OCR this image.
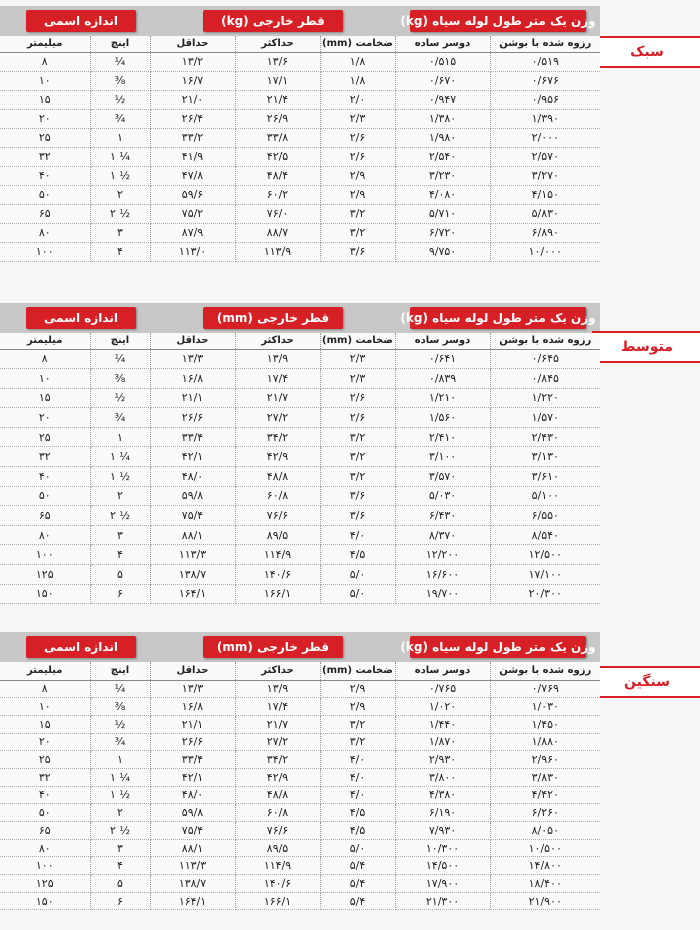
اندازه اسمی	قطر خارجی

(kg)	وزن یک متر طول لوله سیاه

(kg)
سبک
میلیمتر	اینچ	حداقل	حداکثر	ضخامت (mm)	دوسر ساده	رزوه شده با بوشن
۸	¼	۱۳/۲	۱۳/۶	۱/۸	۰/۵۱۵	۰/۵۱۹
۱۰	⅜	۱۶/۷	۱۷/۱	۱/۸	۰/۶۷۰	۰/۶۷۶
۱۵	½	۲۱/۰	۲۱/۴	۲/۰	۰/۹۴۷	۰/۹۵۶
۲۰	¾	۲۶/۴	۲۶/۹	۲/۳	۱/۳۸۰	۱/۳۹۰
۲۵	۱	۳۳/۲	۳۳/۸	۲/۶	۱/۹۸۰	۲/۰۰۰
۳۲	۱ ¼	۴۱/۹	۴۲/۵	۲/۶	۲/۵۴۰	۲/۵۷۰
۴۰	۱ ½	۴۷/۸	۴۸/۴	۲/۹	۳/۲۳۰	۳/۲۷۰
۵۰	۲	۵۹/۶	۶۰/۲	۲/۹	۴/۰۸۰	۴/۱۵۰
۶۵	۲ ½	۷۵/۲	۷۶/۰	۳/۲	۵/۷۱۰	۵/۸۳۰
۸۰	۳	۸۷/۹	۸۸/۷	۳/۲	۶/۷۲۰	۶/۸۹۰
۱۰۰	۴	۱۱۳/۰	۱۱۳/۹	۳/۶	۹/۷۵۰	۱۰/۰۰۰
اندازه اسمی	قطر خارجی

(mm)	وزن یک متر طول لوله سیاه

(kg)
متوسط
میلیمتر	اینچ	حداقل	حداکثر	ضخامت (mm)	دوسر ساده	رزوه شده با بوشن
۸	¼	۱۳/۳	۱۳/۹	۲/۳	۰/۶۴۱	۰/۶۴۵
۱۰	⅜	۱۶/۸	۱۷/۴	۲/۳	۰/۸۳۹	۰/۸۴۵
۱۵	½	۲۱/۱	۲۱/۷	۲/۶	۱/۲۱۰	۱/۲۲۰
۲۰	¾	۲۶/۶	۲۷/۲	۲/۶	۱/۵۶۰	۱/۵۷۰
۲۵	۱	۳۳/۴	۳۴/۲	۳/۲	۲/۴۱۰	۲/۴۳۰
۳۲	۱ ¼	۴۲/۱	۴۲/۹	۳/۲	۳/۱۰۰	۳/۱۳۰
۴۰	۱ ½	۴۸/۰	۴۸/۸	۳/۲	۳/۵۷۰	۳/۶۱۰
۵۰	۲	۵۹/۸	۶۰/۸	۳/۶	۵/۰۳۰	۵/۱۰۰
۶۵	۲ ½	۷۵/۴	۷۶/۶	۳/۶	۶/۴۳۰	۶/۵۵۰
۸۰	۳	۸۸/۱	۸۹/۵	۴/۰	۸/۳۷۰	۸/۵۴۰
۱۰۰	۴	۱۱۳/۳	۱۱۴/۹	۴/۵	۱۲/۲۰۰	۱۲/۵۰۰
۱۲۵	۵	۱۳۸/۷	۱۴۰/۶	۵/۰	۱۶/۶۰۰	۱۷/۱۰۰
۱۵۰	۶	۱۶۴/۱	۱۶۶/۱	۵/۰	۱۹/۷۰۰	۲۰/۳۰۰
اندازه اسمی	قطر خارجی

(mm)	وزن یک متر طول لوله سیاه

(kg)
سنگین
میلیمتر	اینچ	حداقل	حداکثر	ضخامت (mm)	دوسر ساده	رزوه شده با بوشن
۸	¼	۱۳/۳	۱۳/۹	۲/۹	۰/۷۶۵	۰/۷۶۹
۱۰	⅜	۱۶/۸	۱۷/۴	۲/۹	۱/۰۲۰	۱/۰۳۰
۱۵	½	۲۱/۱	۲۱/۷	۳/۲	۱/۴۴۰	۱/۴۵۰
۲۰	¾	۲۶/۶	۲۷/۲	۳/۲	۱/۸۷۰	۱/۸۸۰
۲۵	۱	۳۳/۴	۳۴/۲	۴/۰	۲/۹۳۰	۲/۹۶۰
۳۲	۱ ¼	۴۲/۱	۴۲/۹	۴/۰	۳/۸۰۰	۳/۸۳۰
۴۰	۱ ½	۴۸/۰	۴۸/۸	۴/۰	۴/۳۸۰	۴/۴۲۰
۵۰	۲	۵۹/۸	۶۰/۸	۴/۵	۶/۱۹۰	۶/۲۶۰
۶۵	۲ ½	۷۵/۴	۷۶/۶	۴/۵	۷/۹۳۰	۸/۰۵۰
۸۰	۳	۸۸/۱	۸۹/۵	۵/۰	۱۰/۳۰۰	۱۰/۵۰۰
۱۰۰	۴	۱۱۳/۳	۱۱۴/۹	۵/۴	۱۴/۵۰۰	۱۴/۸۰۰
۱۲۵	۵	۱۳۸/۷	۱۴۰/۶	۵/۴	۱۷/۹۰۰	۱۸/۴۰۰
۱۵۰	۶	۱۶۴/۱	۱۶۶/۱	۵/۴	۲۱/۳۰۰	۲۱/۹۰۰
